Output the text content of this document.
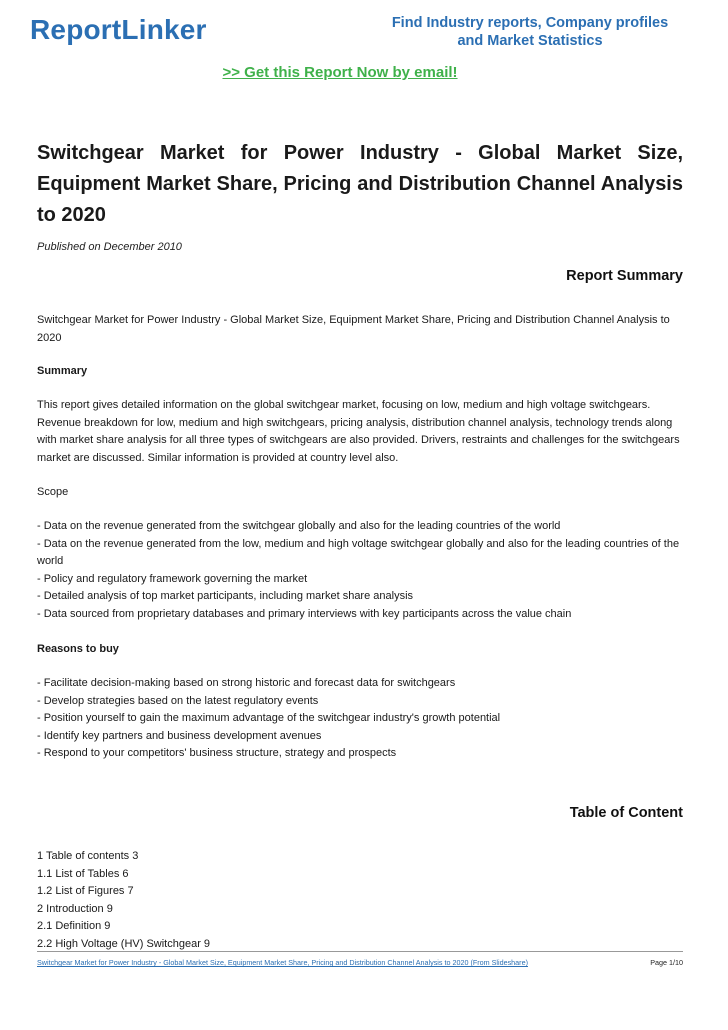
ReportLinker	Find Industry reports, Company profiles
and Market Statistics
>> Get this Report Now by email!
Switchgear Market for Power Industry - Global Market Size, Equipment Market Share, Pricing and Distribution Channel Analysis to 2020
Published on December 2010
Report Summary

Switchgear Market for Power Industry - Global Market Size, Equipment Market Share, Pricing and Distribution Channel Analysis to 2020

Summary
This report gives detailed information on the global switchgear market, focusing on low, medium and high voltage switchgears. Revenue breakdown for low, medium and high switchgears, pricing analysis, distribution channel analysis, technology trends along with market share analysis for all three types of switchgears are also provided. Drivers, restraints and challenges for the switchgears market are discussed. Similar information is provided at country level also.
Scope
- Data on the revenue generated from the switchgear globally and also for the leading countries of the world
- Data on the revenue generated from the low, medium and high voltage switchgear globally and also for the leading countries of the world
- Policy and regulatory framework governing the market
- Detailed analysis of top market participants, including market share analysis
- Data sourced from proprietary databases and primary interviews with key participants across the value chain
Reasons to buy
- Facilitate decision-making based on strong historic and forecast data for switchgears
- Develop strategies based on the latest regulatory events
- Position yourself to gain the maximum advantage of the switchgear industry's growth potential
- Identify key partners and business development avenues
- Respond to your competitors' business structure, strategy and prospects
Table of Content
1 Table of contents 3
1.1 List of Tables 6
1.2 List of Figures 7
2 Introduction 9
2.1 Definition 9
2.2 High Voltage (HV) Switchgear 9
Switchgear Market for Power Industry - Global Market Size, Equipment Market Share, Pricing and Distribution Channel Analysis to 2020 (From Slideshare)	Page 1/10
